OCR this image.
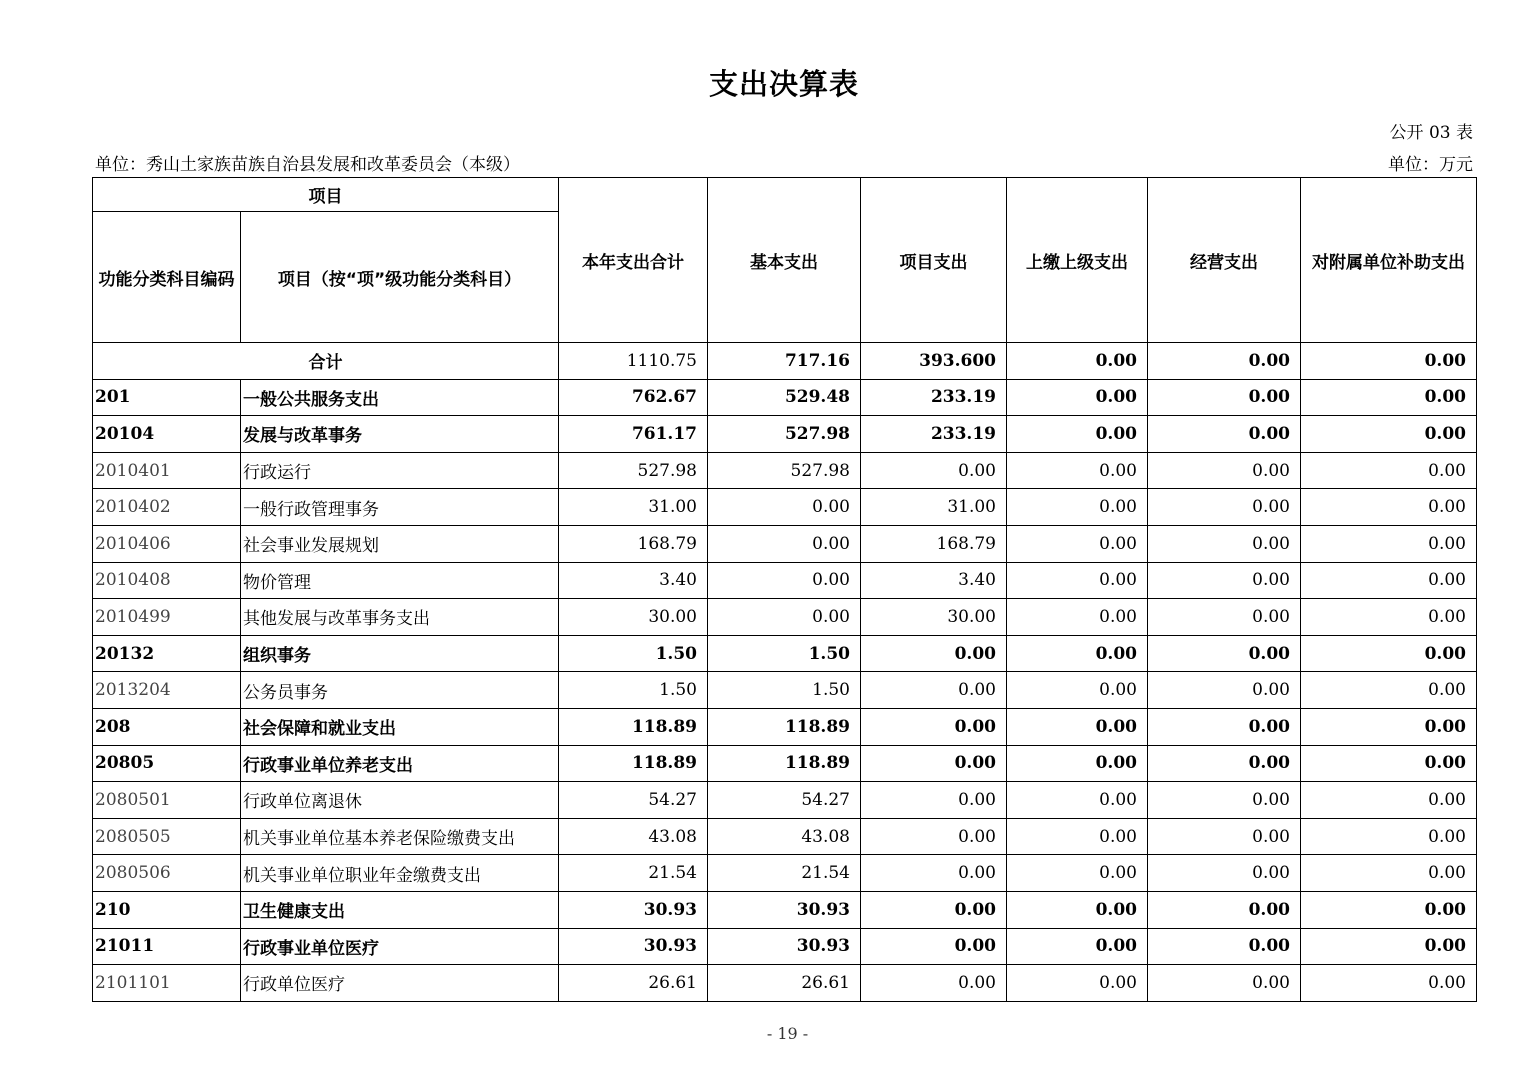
支出决算表
公开 03 表
单位：秀山土家族苗族自治县发展和改革委员会（本级）	单位：万元
项目		本年支出合计	基本支出	项目支出	上缴上级支出	经营支出	对附属单位补助支出
功能分类科目编码	项目（按“项”级功能分类科目）						
合计		1110.75	717.16	393.600	0.00	0.00	0.00
201	一般公共服务支出	762.67	529.48	233.19	0.00	0.00	0.00
20104	发展与改革事务	761.17	527.98	233.19	0.00	0.00	0.00
2010401	行政运行	527.98	527.98	0.00	0.00	0.00	0.00
2010402	一般行政管理事务	31.00	0.00	31.00	0.00	0.00	0.00
2010406	社会事业发展规划	168.79	0.00	168.79	0.00	0.00	0.00
2010408	物价管理	3.40	0.00	3.40	0.00	0.00	0.00
2010499	其他发展与改革事务支出	30.00	0.00	30.00	0.00	0.00	0.00
20132	组织事务	1.50	1.50	0.00	0.00	0.00	0.00
2013204	公务员事务	1.50	1.50	0.00	0.00	0.00	0.00
208	社会保障和就业支出	118.89	118.89	0.00	0.00	0.00	0.00
20805	行政事业单位养老支出	118.89	118.89	0.00	0.00	0.00	0.00
2080501	行政单位离退休	54.27	54.27	0.00	0.00	0.00	0.00
2080505	机关事业单位基本养老保险缴费支出	43.08	43.08	0.00	0.00	0.00	0.00
2080506	机关事业单位职业年金缴费支出	21.54	21.54	0.00	0.00	0.00	0.00
210	卫生健康支出	30.93	30.93	0.00	0.00	0.00	0.00
21011	行政事业单位医疗	30.93	30.93	0.00	0.00	0.00	0.00
2101101	行政单位医疗	26.61	26.61	0.00	0.00	0.00	0.00
- 19 -
